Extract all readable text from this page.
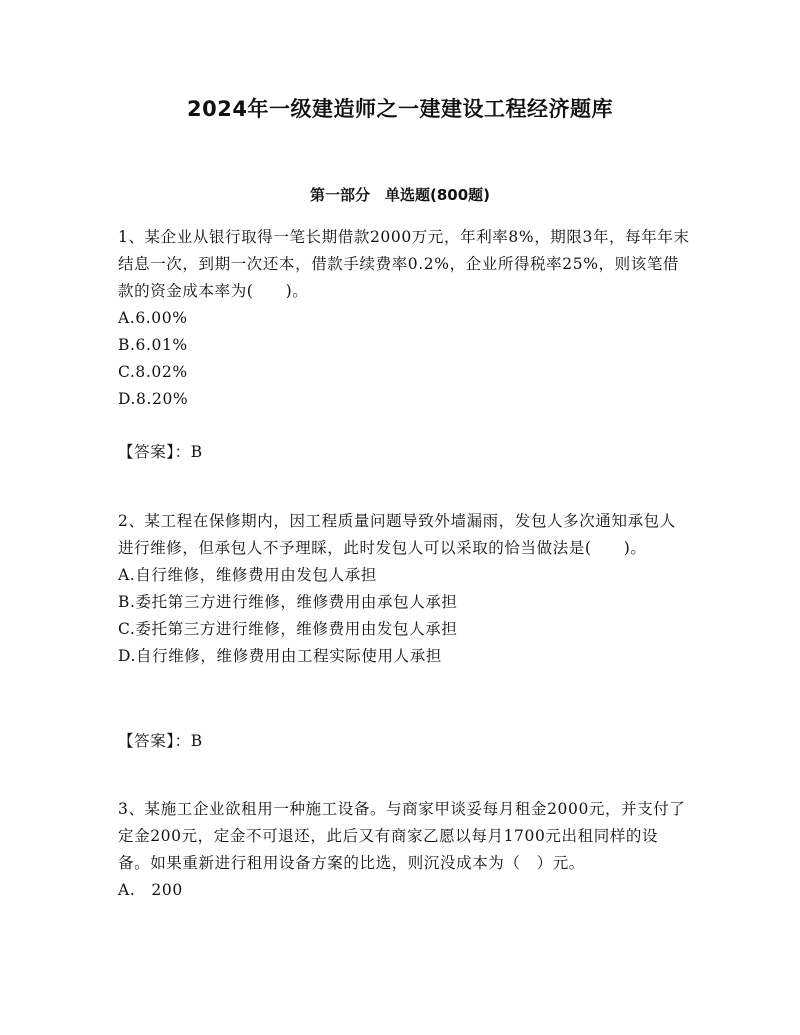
2024年一级建造师之一建建设工程经济题库
第一部分　单选题(800题)

1、某企业从银行取得一笔长期借款2000万元，年利率8%，期限3年，每年年末结息一次，到期一次还本，借款手续费率0.2%，企业所得税率25%，则该笔借款的资金成本率为(　　)。

A.6.00%

B.6.01%

C.8.02%

D.8.20%

【答案】：B

2、某工程在保修期内，因工程质量问题导致外墙漏雨，发包人多次通知承包人进行维修，但承包人不予理睬，此时发包人可以采取的恰当做法是(　　)。

A.自行维修，维修费用由发包人承担

B.委托第三方进行维修，维修费用由承包人承担

C.委托第三方进行维修，维修费用由发包人承担

D.自行维修，维修费用由工程实际使用人承担

【答案】：B

3、某施工企业欲租用一种施工设备。与商家甲谈妥每月租金2000元，并支付了定金200元，定金不可退还，此后又有商家乙愿以每月1700元出租同样的设备。如果重新进行租用设备方案的比选，则沉没成本为（　）元。

A.　200
